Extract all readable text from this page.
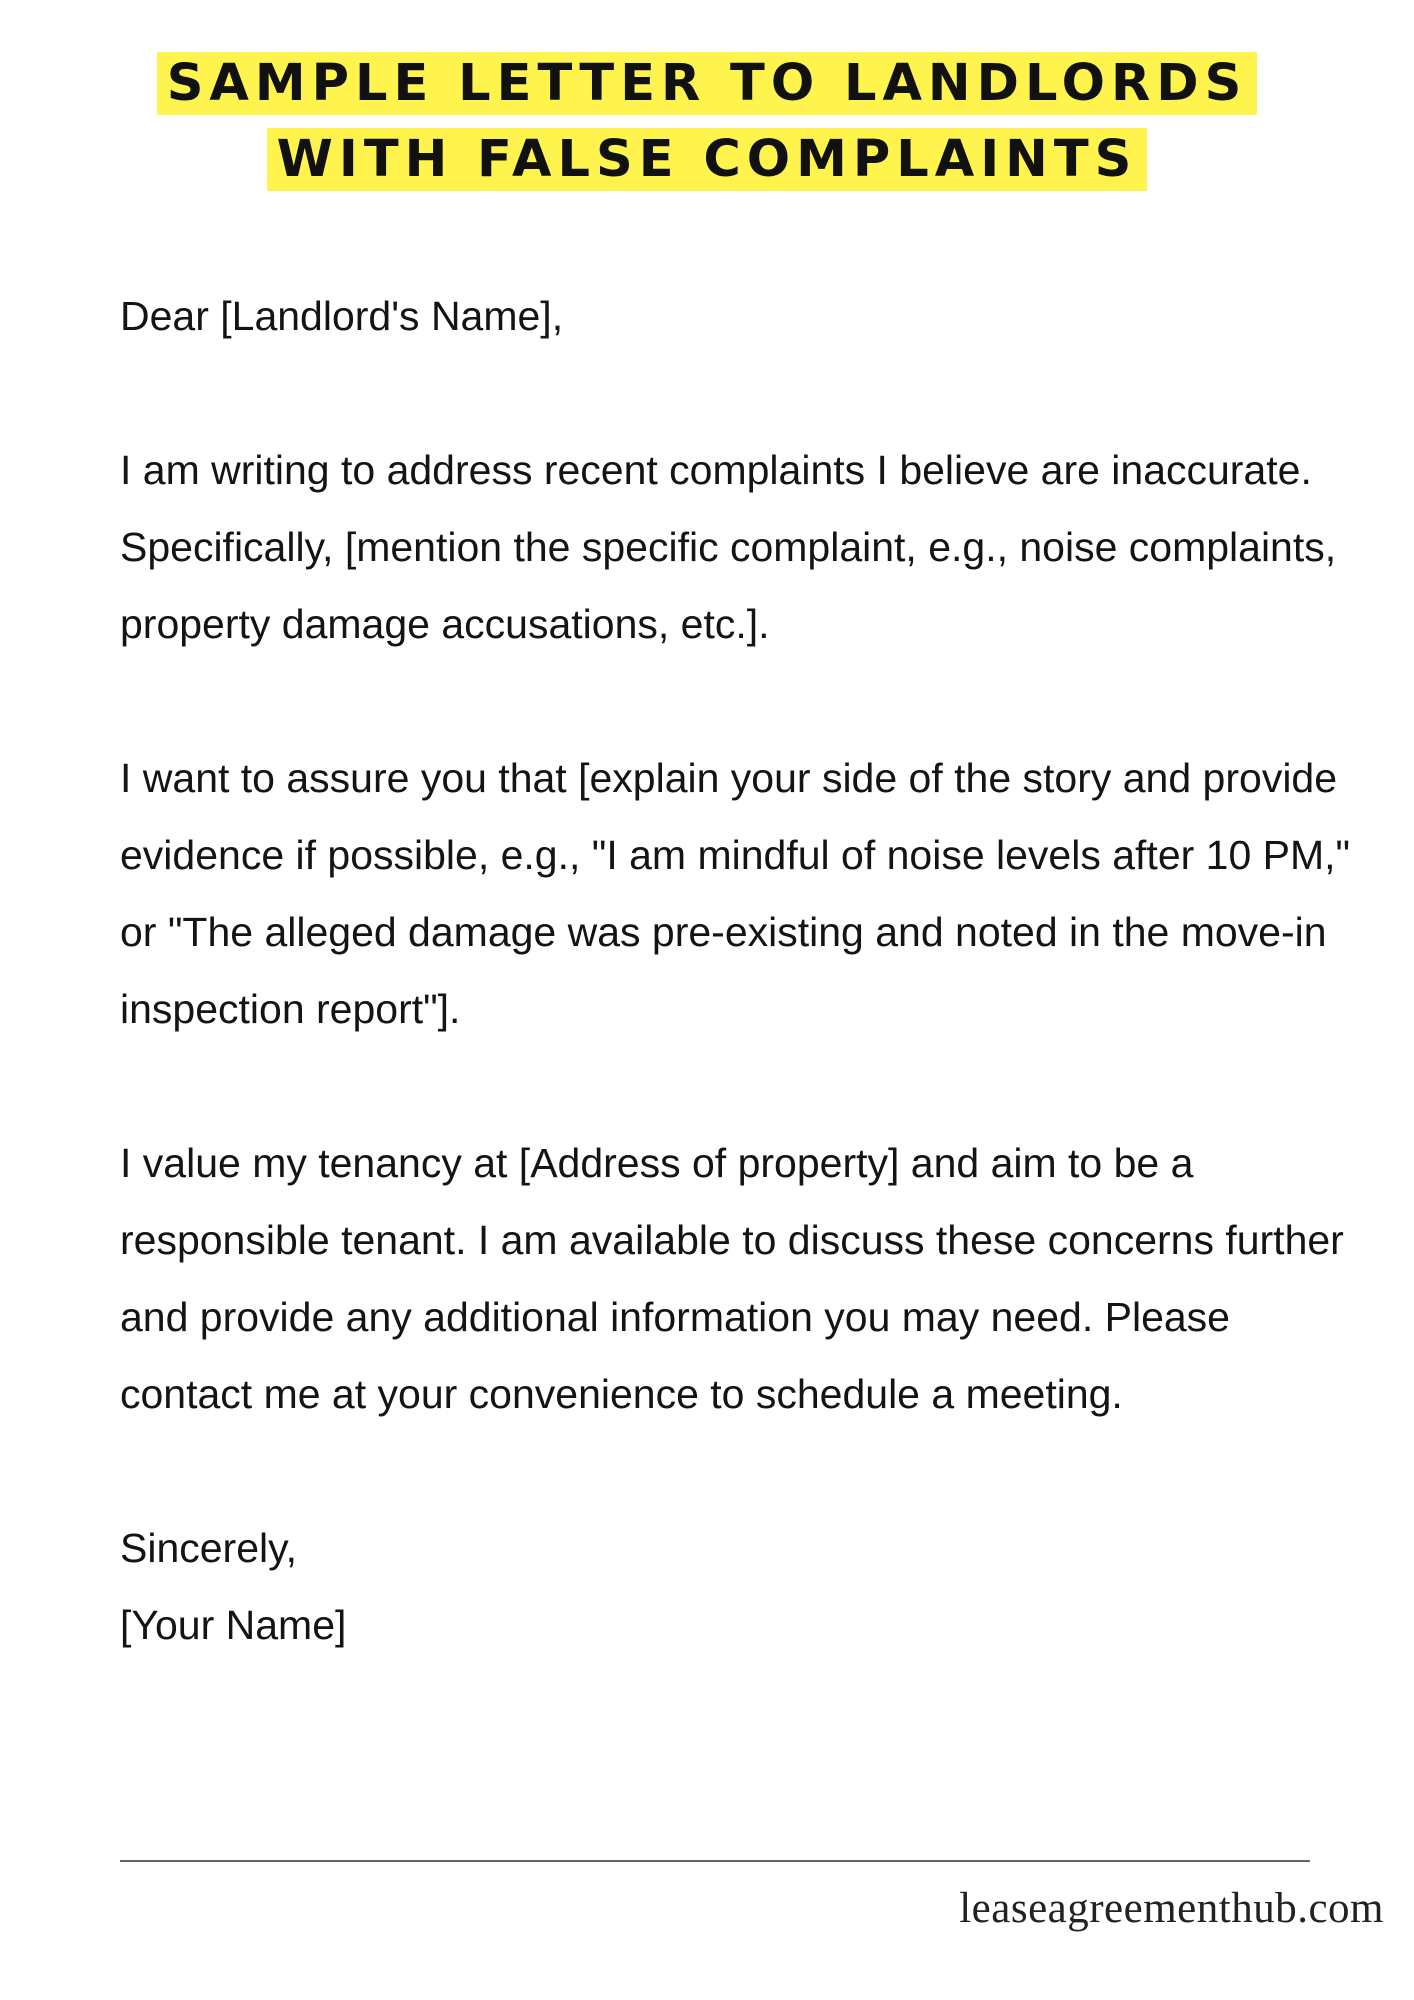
SAMPLE LETTER TO LANDLORDS
WITH FALSE COMPLAINTS

Dear [Landlord's Name],

I am writing to address recent complaints I believe are inaccurate. Specifically, [mention the specific complaint, e.g., noise complaints, property damage accusations, etc.].

I want to assure you that [explain your side of the story and provide evidence if possible, e.g., "I am mindful of noise levels after 10 PM," or "The alleged damage was pre-existing and noted in the move-in inspection report"].

I value my tenancy at [Address of property] and aim to be a responsible tenant. I am available to discuss these concerns further and provide any additional information you may need. Please contact me at your convenience to schedule a meeting.

Sincerely,

[Your Name]

leaseagreementhub.com
